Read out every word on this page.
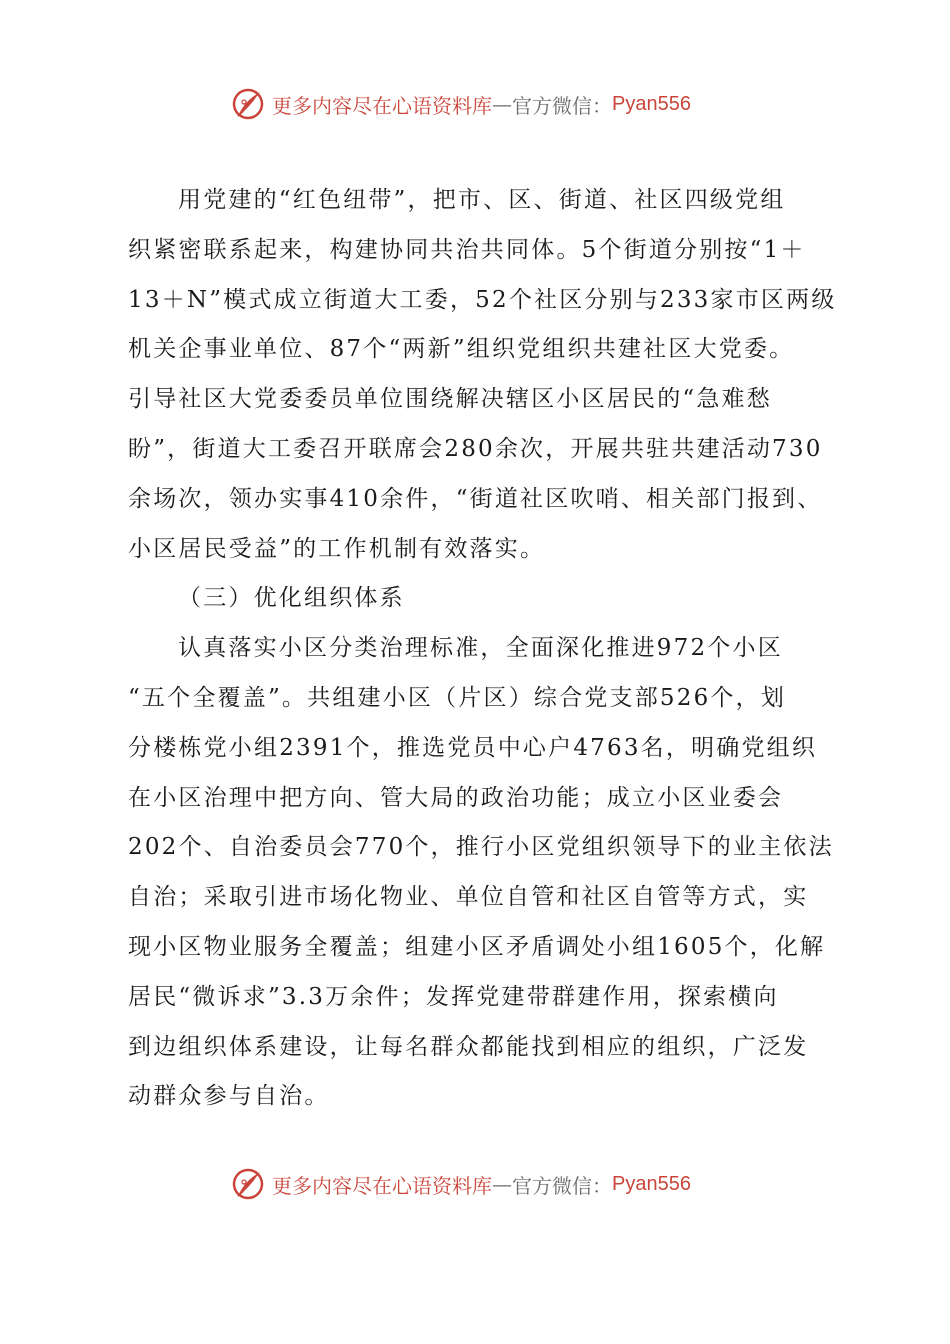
更多内容尽在心语资料库 — 官方微信： Pyan556
用党建的“红色纽带”，把市、区、街道、社区四级党组
织紧密联系起来，构建协同共治共同体。5个街道分别按“1＋
13＋N”模式成立街道大工委，52个社区分别与233家市区两级
机关企事业单位、87个“两新”组织党组织共建社区大党委。
引导社区大党委委员单位围绕解决辖区小区居民的“急难愁
盼”，街道大工委召开联席会280余次，开展共驻共建活动730
余场次，领办实事410余件，“街道社区吹哨、相关部门报到、
小区居民受益”的工作机制有效落实。
（三）优化组织体系
认真落实小区分类治理标准，全面深化推进972个小区
“五个全覆盖”。共组建小区（片区）综合党支部526个，划
分楼栋党小组2391个，推选党员中心户4763名，明确党组织
在小区治理中把方向、管大局的政治功能；成立小区业委会
202个、自治委员会770个，推行小区党组织领导下的业主依法
自治；采取引进市场化物业、单位自管和社区自管等方式，实
现小区物业服务全覆盖；组建小区矛盾调处小组1605个，化解
居民“微诉求”3.3万余件；发挥党建带群建作用，探索横向
到边组织体系建设，让每名群众都能找到相应的组织，广泛发
动群众参与自治。
更多内容尽在心语资料库 — 官方微信： Pyan556
